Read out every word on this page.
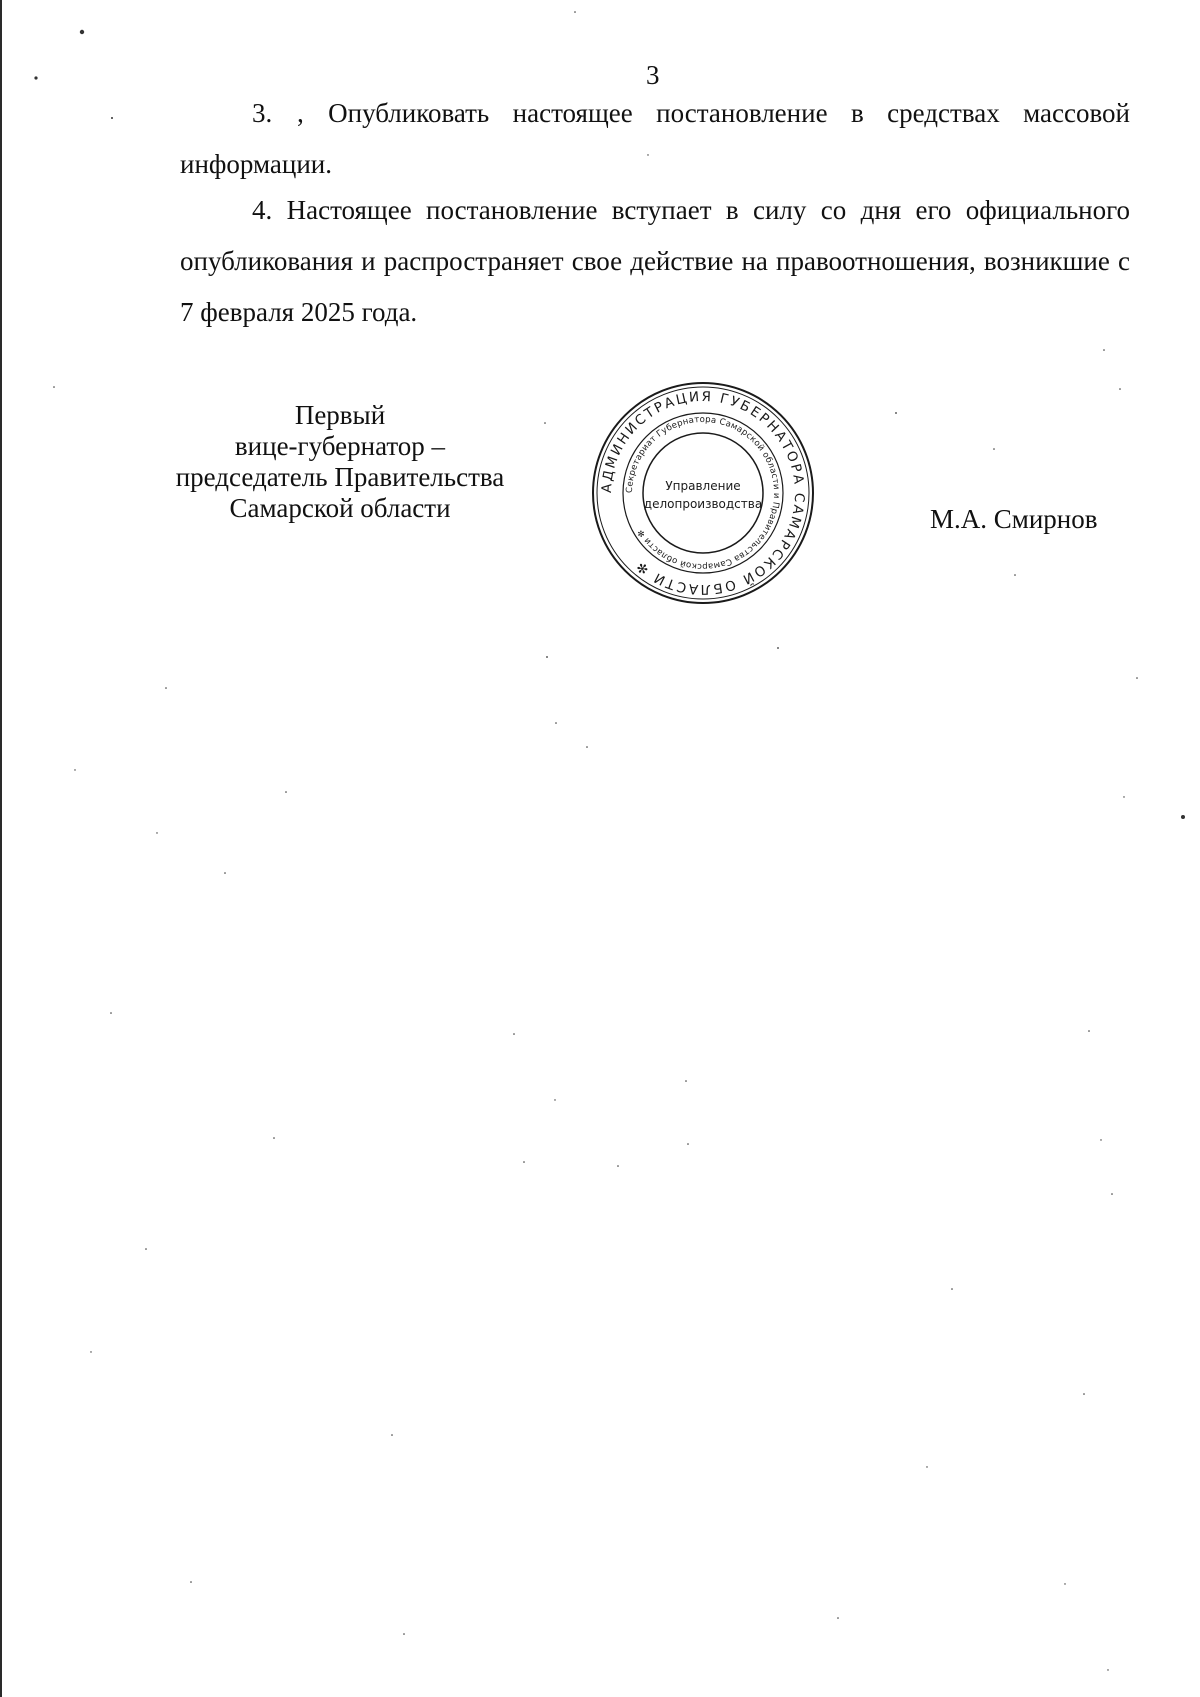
3

3. ‚ Опубликовать настоящее постановление в средствах массовой информации.

4. Настоящее постановление вступает в силу со дня его официального опубликования и распространяет свое действие на правоотношения, возникшие с 7 февраля 2025 года.

Первый
вице-губернатор –
председатель Правительства
Самарской области
АДМИНИСТРАЦИЯ ГУБЕРНАТОРА САМАРСКОЙ ОБЛАСТИ ✻
Секретариат Губернатора Самарской области и Правительства Самарской области ✻
Управление
делопроизводства	М.А. Смирнов
